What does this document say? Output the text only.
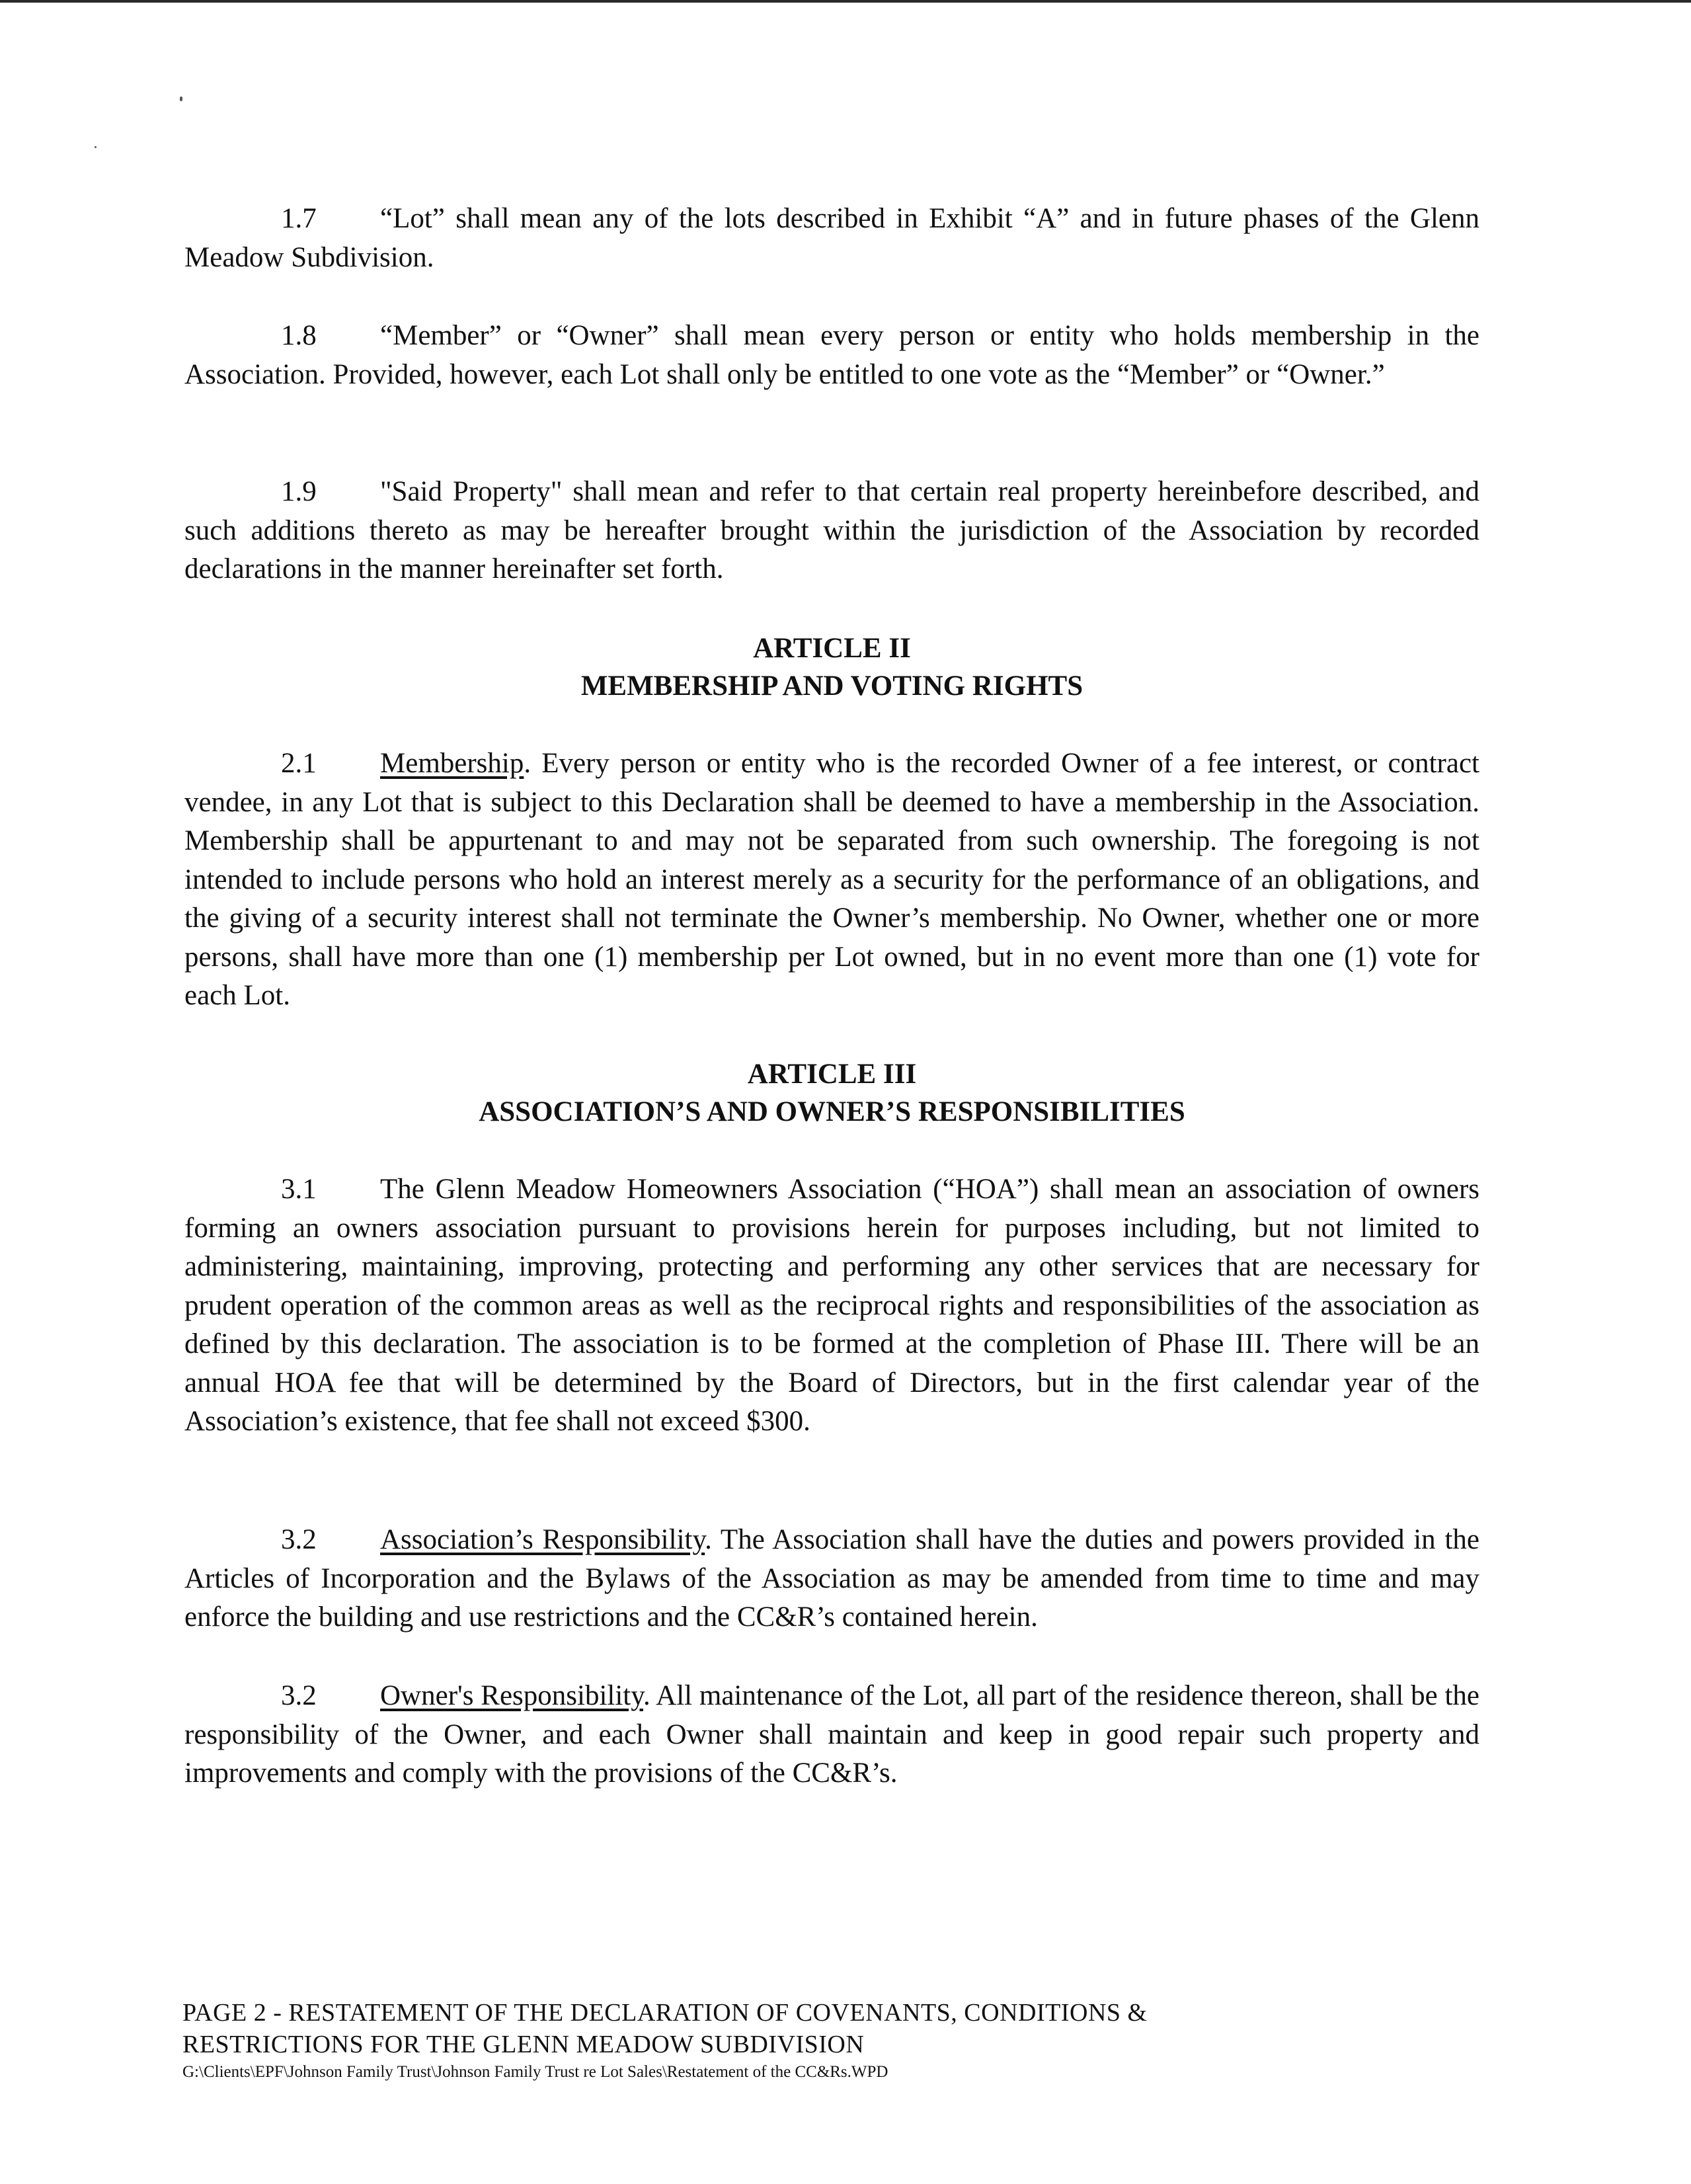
1.7 “Lot” shall mean any of the lots described in Exhibit “A” and in future phases of the Glenn Meadow Subdivision.

1.8 “Member” or “Owner” shall mean every person or entity who holds membership in the Association. Provided, however, each Lot shall only be entitled to one vote as the “Member” or “Owner.”

1.9 "Said Property" shall mean and refer to that certain real property hereinbefore described, and such additions thereto as may be hereafter brought within the jurisdiction of the Association by recorded declarations in the manner hereinafter set forth.

ARTICLE II
MEMBERSHIP AND VOTING RIGHTS

2.1 Membership. Every person or entity who is the recorded Owner of a fee interest, or contract vendee, in any Lot that is subject to this Declaration shall be deemed to have a membership in the Association. Membership shall be appurtenant to and may not be separated from such ownership. The foregoing is not intended to include persons who hold an interest merely as a security for the performance of an obligations, and the giving of a security interest shall not terminate the Owner’s membership. No Owner, whether one or more persons, shall have more than one (1) membership per Lot owned, but in no event more than one (1) vote for each Lot.

ARTICLE III
ASSOCIATION’S AND OWNER’S RESPONSIBILITIES

3.1 The Glenn Meadow Homeowners Association (“HOA”) shall mean an association of owners forming an owners association pursuant to provisions herein for purposes including, but not limited to administering, maintaining, improving, protecting and performing any other services that are necessary for prudent operation of the common areas as well as the reciprocal rights and responsibilities of the association as defined by this declaration. The association is to be formed at the completion of Phase III. There will be an annual HOA fee that will be determined by the Board of Directors, but in the first calendar year of the Association’s existence, that fee shall not exceed $300.

3.2 Association’s Responsibility. The Association shall have the duties and powers provided in the Articles of Incorporation and the Bylaws of the Association as may be amended from time to time and may enforce the building and use restrictions and the CC&R’s contained herein.

3.2 Owner's Responsibility. All maintenance of the Lot, all part of the residence thereon, shall be the responsibility of the Owner, and each Owner shall maintain and keep in good repair such property and improvements and comply with the provisions of the CC&R’s.

PAGE 2 - RESTATEMENT OF THE DECLARATION OF COVENANTS, CONDITIONS &
RESTRICTIONS FOR THE GLENN MEADOW SUBDIVISION
G:\Clients\EPF\Johnson Family Trust\Johnson Family Trust re Lot Sales\Restatement of the CC&Rs.WPD
